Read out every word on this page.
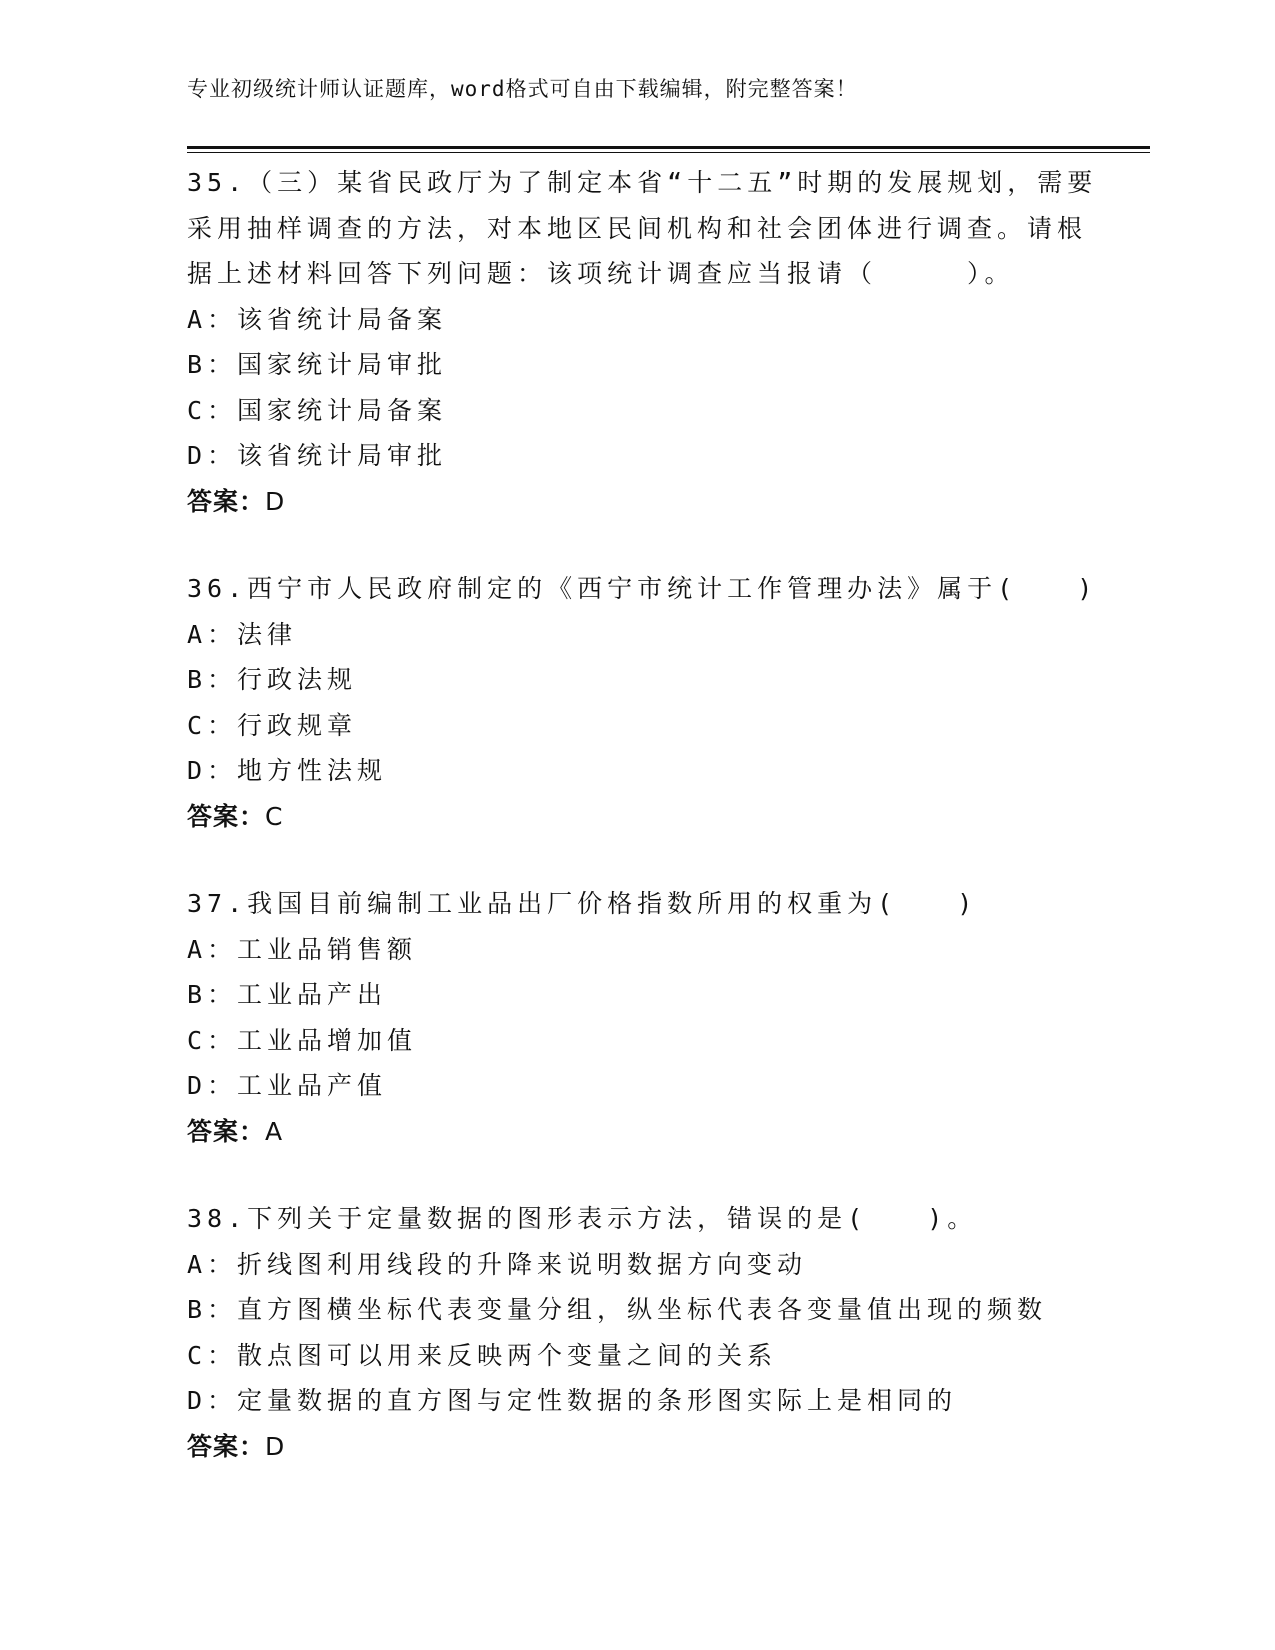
专业初级统计师认证题库，word格式可自由下载编辑，附完整答案！
35.（三）某省民政厅为了制定本省“十二五”时期的发展规划，需要
采用抽样调查的方法，对本地区民间机构和社会团体进行调查。请根
据上述材料回答下列问题：该项统计调查应当报请（　　　）。
A：该省统计局备案
B：国家统计局审批
C：国家统计局备案
D：该省统计局审批
答案：D
36.西宁市人民政府制定的《西宁市统计工作管理办法》属于(　　)
A：法律
B：行政法规
C：行政规章
D：地方性法规
答案：C
37.我国目前编制工业品出厂价格指数所用的权重为(　　)
A：工业品销售额
B：工业品产出
C：工业品增加值
D：工业品产值
答案：A
38.下列关于定量数据的图形表示方法，错误的是(　　)。
A：折线图利用线段的升降来说明数据方向变动
B：直方图横坐标代表变量分组，纵坐标代表各变量值出现的频数
C：散点图可以用来反映两个变量之间的关系
D：定量数据的直方图与定性数据的条形图实际上是相同的
答案：D
